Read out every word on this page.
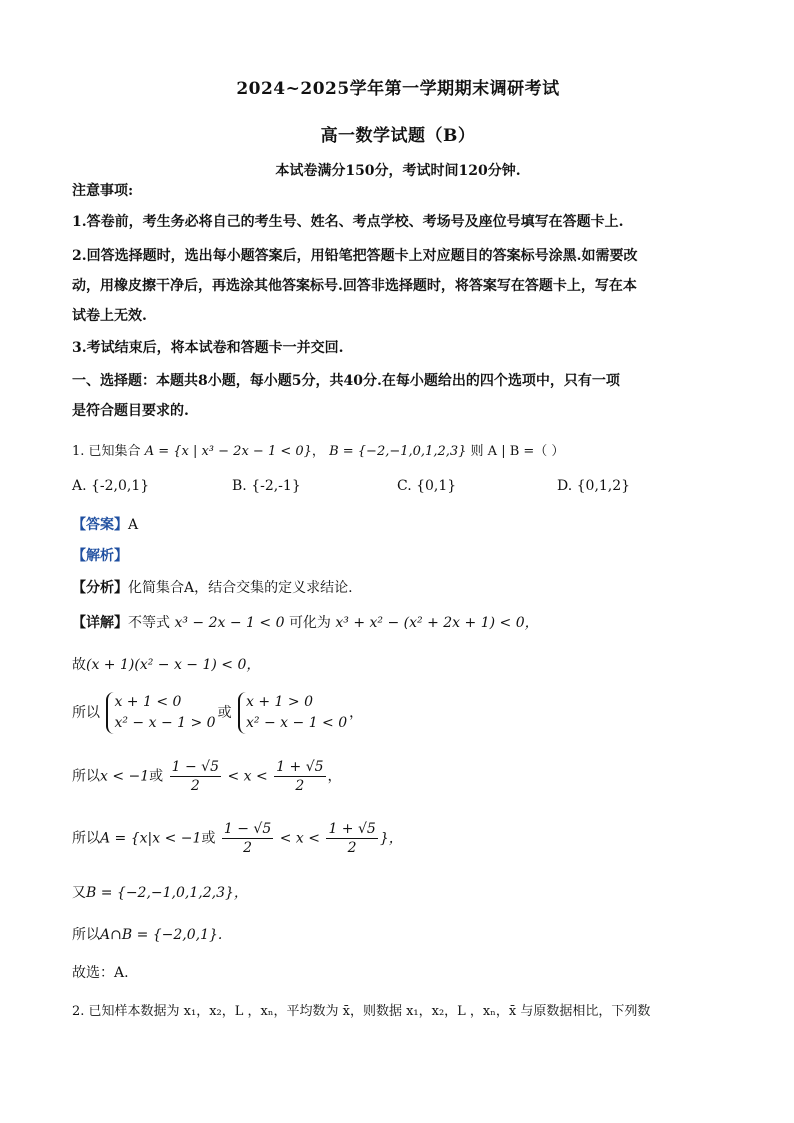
2024~2025学年第一学期期末调研考试
高一数学试题（B）
本试卷满分150分，考试时间120分钟.

注意事项:

1.答卷前，考生务必将自己的考生号、姓名、考点学校、考场号及座位号填写在答题卡上.

2.回答选择题时，选出每小题答案后，用铅笔把答题卡上对应题目的答案标号涂黑.如需要改

动，用橡皮擦干净后，再选涂其他答案标号.回答非选择题时，将答案写在答题卡上，写在本

试卷上无效.

3.考试结束后，将本试卷和答题卡一并交回.

一、选择题：本题共8小题，每小题5分，共40分.在每小题给出的四个选项中，只有一项

是符合题目要求的.

1. 已知集合 A = {x | x³ − 2x − 1 < 0}， B = {−2,−1,0,1,2,3} 则 A | B =（ ）
A. {-2,0,1}	B. {-2,-1}	C. {0,1}	D. {0,1,2}
【答案】A
【解析】
【分析】化简集合A，结合交集的定义求结论.
【详解】不等式 x³ − 2x − 1 < 0 可化为 x³ + x² − (x² + 2x + 1) < 0，
故(x + 1)(x² − x − 1) < 0，
所以
x + 1 < 0
x² − x − 1 > 0
或
x + 1 > 0
x² − x − 1 < 0
，
所以x < −1或 $\frac{1 - √5}{2} < x < \frac{1 + √5}{2}$ ，
所以A = {x|x < −1或 $\frac{1 - √5}{2} < x < \frac{1 + √5}{2}$ }，
又B = {−2,−1,0,1,2,3}，
所以A∩B = {−2,0,1}.
故选：A.
2. 已知样本数据为 x₁，x₂，L ，xₙ，平均数为 x̄，则数据 x₁，x₂，L ，xₙ，x̄ 与原数据相比，下列数
